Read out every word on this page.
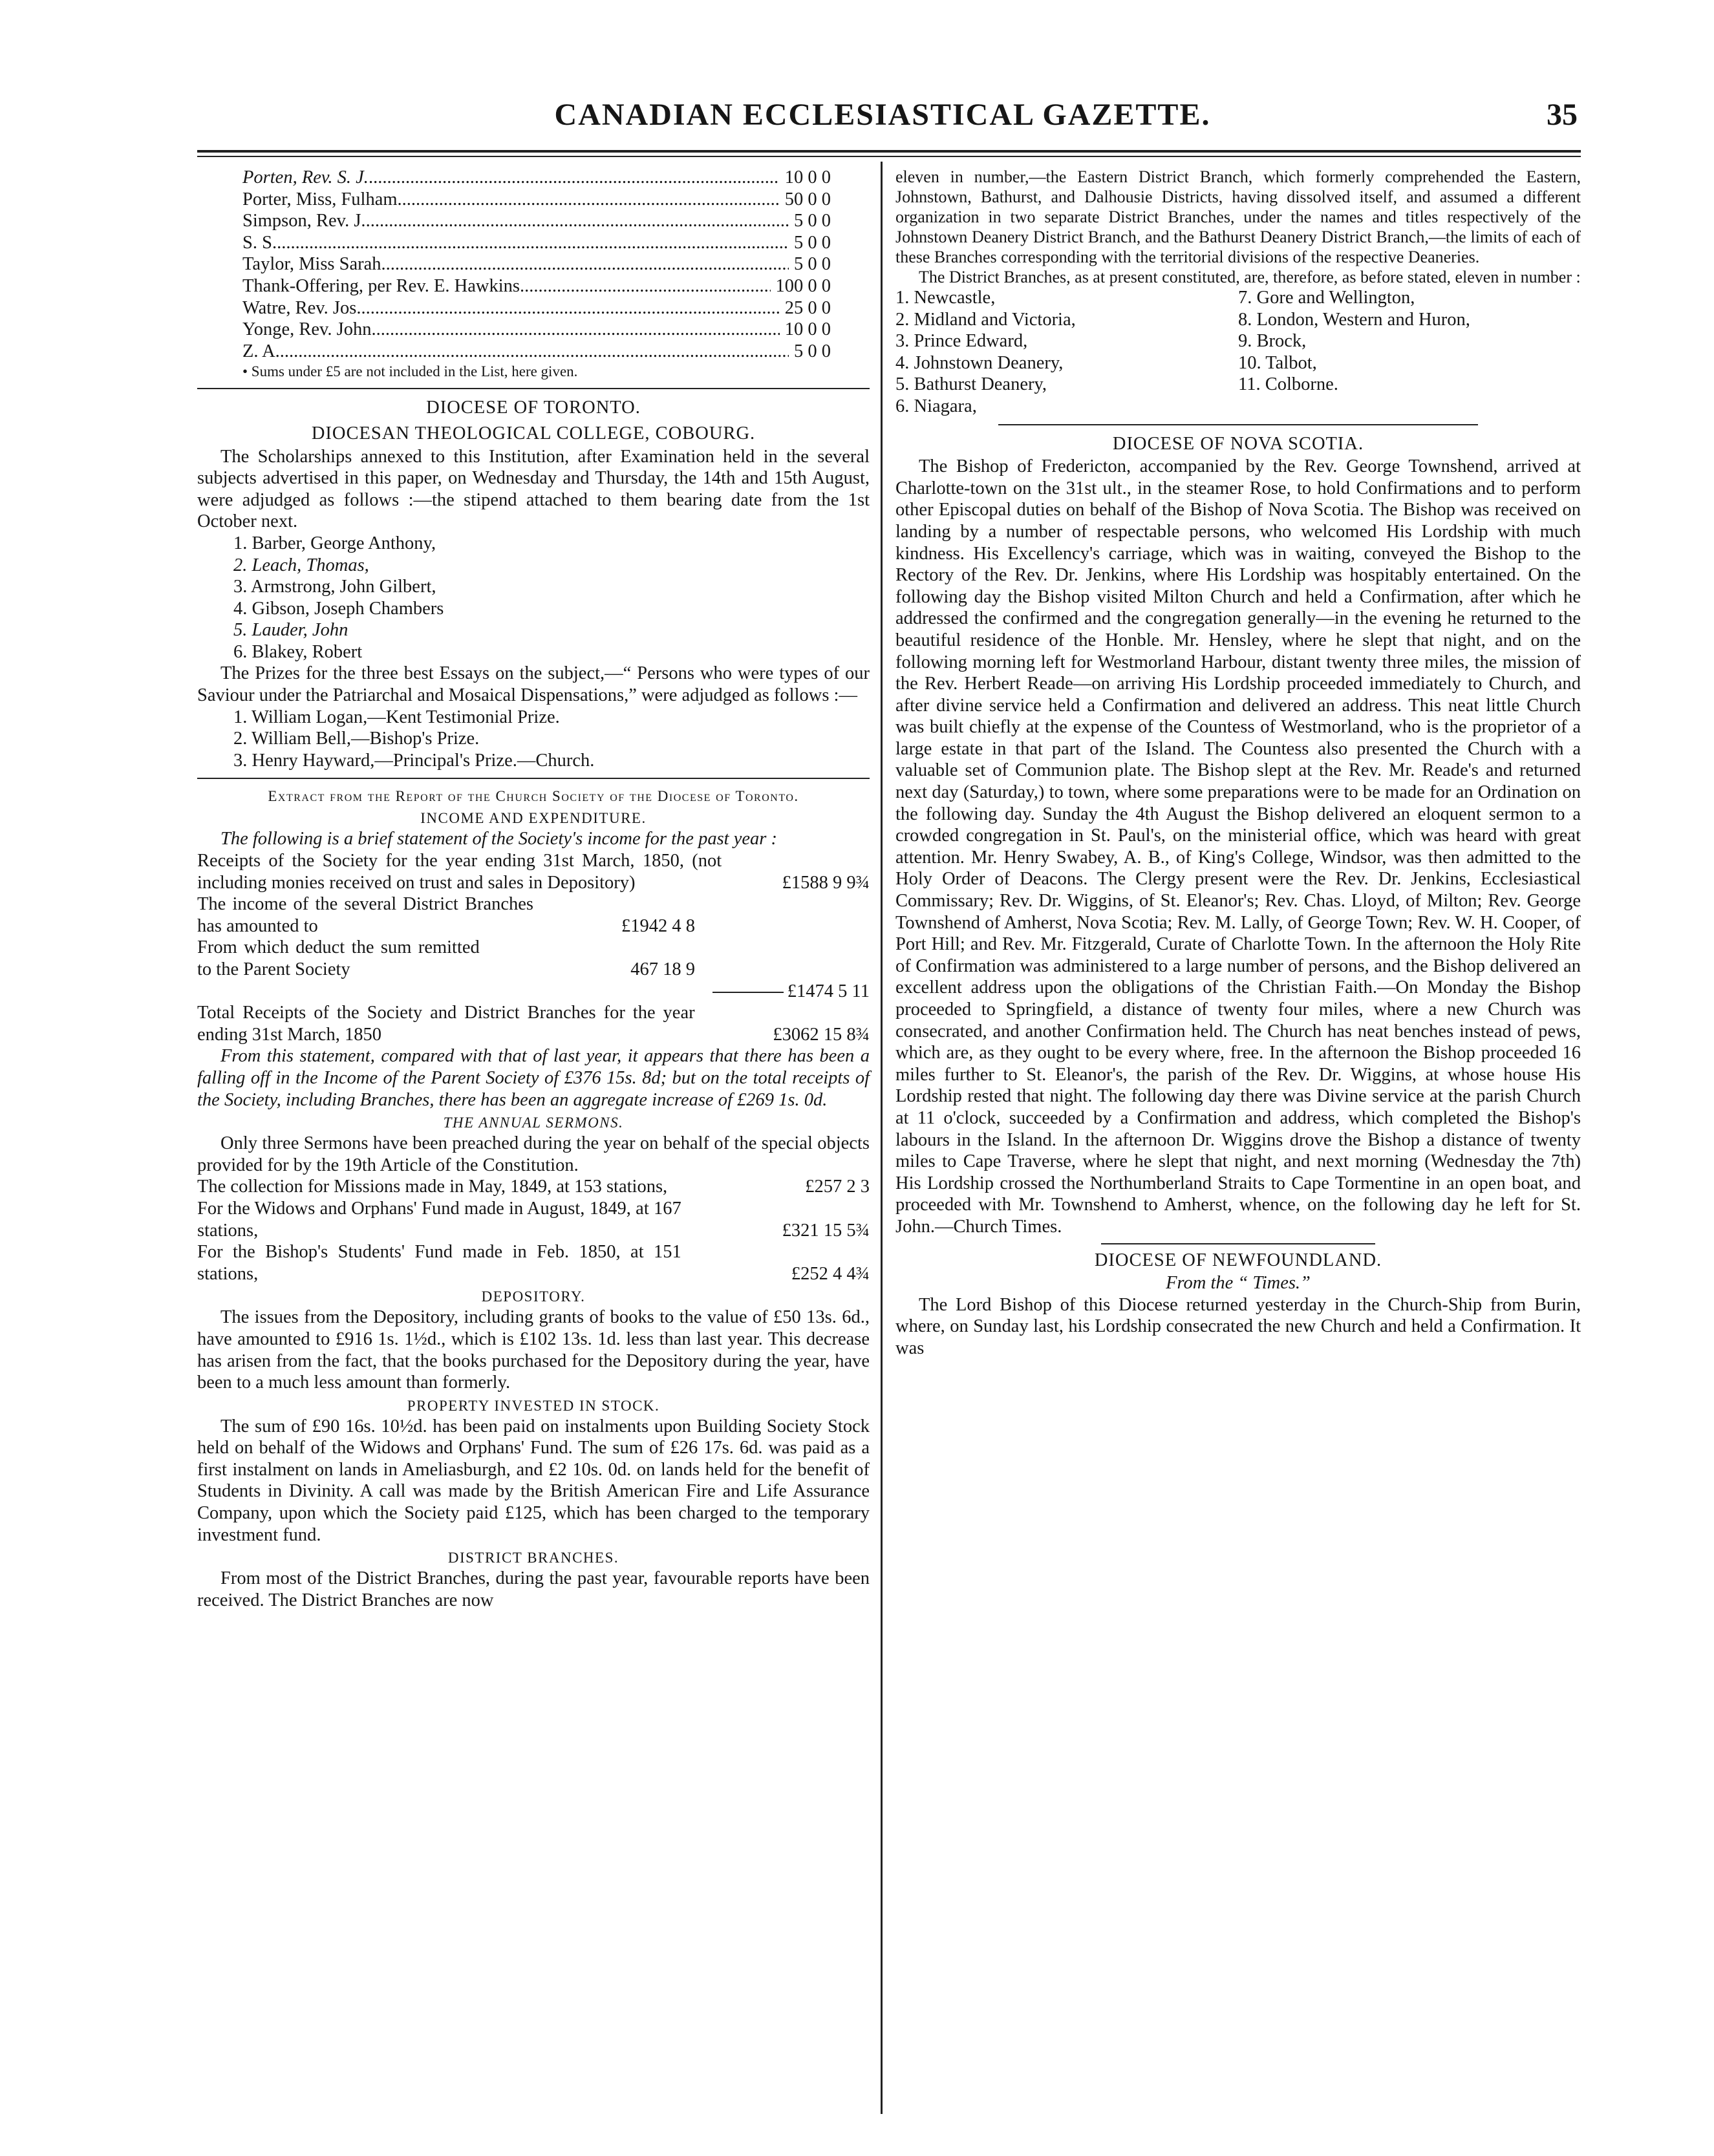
CANADIAN ECCLESIASTICAL GAZETTE.	35
Porten, Rev. S. J. .....	10 0 0
Porter, Miss, Fulham .....	50 0 0
Simpson, Rev. J. .....	5 0 0
S. S. .....	5 0 0
Taylor, Miss Sarah .....	5 0 0
Thank-Offering, per Rev. E. Hawkins .....	100 0 0
Watre, Rev. Jos .....	25 0 0
Yonge, Rev. John .....	10 0 0
Z. A. .....	5 0 0

• Sums under £5 are not included in the List, here given.

DIOCESE OF TORONTO.

DIOCESAN THEOLOGICAL COLLEGE, COBOURG.

The Scholarships annexed to this Institution, after Examination held in the several subjects advertised in this paper, on Wednesday and Thursday, the 14th and 15th August, were adjudged as follows :—the stipend attached to them bearing date from the 1st October next.

1. Barber, George Anthony,

2. Leach, Thomas,

3. Armstrong, John Gilbert,

4. Gibson, Joseph Chambers

5. Lauder, John

6. Blakey, Robert

The Prizes for the three best Essays on the subject,—“ Persons who were types of our Saviour under the Patriarchal and Mosaical Dispensations,” were adjudged as follows :—

1. William Logan,—Kent Testimonial Prize.

2. William Bell,—Bishop's Prize.

3. Henry Hayward,—Principal's Prize.—Church.

Extract from the Report of the Church Society of the Diocese of Toronto.

INCOME AND EXPENDITURE.

The following is a brief statement of the Society's income for the past year :

Receipts of the Society for the year ending 31st March, 1850, (not including monies received on trust and sales in Depository)	£1588 9 9¾
The income of the several District Branches has amounted to	£1942 4 8
From which deduct the sum remitted to the Parent Society	467 18 9
£1474 5 11
Total Receipts of the Society and District Branches for the year ending 31st March, 1850	£3062 15 8¾

From this statement, compared with that of last year, it appears that there has been a falling off in the Income of the Parent Society of £376 15s. 8d; but on the total receipts of the Society, including Branches, there has been an aggregate increase of £269 1s. 0d.

THE ANNUAL SERMONS.

Only three Sermons have been preached during the year on behalf of the special objects provided for by the 19th Article of the Constitution.

The collection for Missions made in May, 1849, at 153 stations,	£257 2 3
For the Widows and Orphans' Fund made in August, 1849, at 167 stations,	£321 15 5¾
For the Bishop's Students' Fund made in Feb. 1850, at 151 stations,	£252 4 4¾

DEPOSITORY.

The issues from the Depository, including grants of books to the value of £50 13s. 6d., have amounted to £916 1s. 1½d., which is £102 13s. 1d. less than last year. This decrease has arisen from the fact, that the books purchased for the Depository during the year, have been to a much less amount than formerly.

PROPERTY INVESTED IN STOCK.

The sum of £90 16s. 10½d. has been paid on instalments upon Building Society Stock held on behalf of the Widows and Orphans' Fund. The sum of £26 17s. 6d. was paid as a first instalment on lands in Ameliasburgh, and £2 10s. 0d. on lands held for the benefit of Students in Divinity. A call was made by the British American Fire and Life Assurance Company, upon which the Society paid £125, which has been charged to the temporary investment fund.

DISTRICT BRANCHES.

From most of the District Branches, during the past year, favourable reports have been received. The District Branches are now

eleven in number,—the Eastern District Branch, which formerly comprehended the Eastern, Johnstown, Bathurst, and Dalhousie Districts, having dissolved itself, and assumed a different organization in two separate District Branches, under the names and titles respectively of the Johnstown Deanery District Branch, and the Bathurst Deanery District Branch,—the limits of each of these Branches corresponding with the territorial divisions of the respective Deaneries.

The District Branches, as at present constituted, are, therefore, as before stated, eleven in number :

1. Newcastle,

2. Midland and Victoria,

3. Prince Edward,

4. Johnstown Deanery,

5. Bathurst Deanery,

6. Niagara,

7. Gore and Wellington,

8. London, Western and Huron,

9. Brock,

10. Talbot,

11. Colborne.

DIOCESE OF NOVA SCOTIA.

The Bishop of Fredericton, accompanied by the Rev. George Townshend, arrived at Charlotte-town on the 31st ult., in the steamer Rose, to hold Confirmations and to perform other Episcopal duties on behalf of the Bishop of Nova Scotia. The Bishop was received on landing by a number of respectable persons, who welcomed His Lordship with much kindness. His Excellency's carriage, which was in waiting, conveyed the Bishop to the Rectory of the Rev. Dr. Jenkins, where His Lordship was hospitably entertained. On the following day the Bishop visited Milton Church and held a Confirmation, after which he addressed the confirmed and the congregation generally—in the evening he returned to the beautiful residence of the Honble. Mr. Hensley, where he slept that night, and on the following morning left for Westmorland Harbour, distant twenty three miles, the mission of the Rev. Herbert Reade—on arriving His Lordship proceeded immediately to Church, and after divine service held a Confirmation and delivered an address. This neat little Church was built chiefly at the expense of the Countess of Westmorland, who is the proprietor of a large estate in that part of the Island. The Countess also presented the Church with a valuable set of Communion plate. The Bishop slept at the Rev. Mr. Reade's and returned next day (Saturday,) to town, where some preparations were to be made for an Ordination on the following day. Sunday the 4th August the Bishop delivered an eloquent sermon to a crowded congregation in St. Paul's, on the ministerial office, which was heard with great attention. Mr. Henry Swabey, A. B., of King's College, Windsor, was then admitted to the Holy Order of Deacons. The Clergy present were the Rev. Dr. Jenkins, Ecclesiastical Commissary; Rev. Dr. Wiggins, of St. Eleanor's; Rev. Chas. Lloyd, of Milton; Rev. George Townshend of Amherst, Nova Scotia; Rev. M. Lally, of George Town; Rev. W. H. Cooper, of Port Hill; and Rev. Mr. Fitzgerald, Curate of Charlotte Town. In the afternoon the Holy Rite of Confirmation was administered to a large number of persons, and the Bishop delivered an excellent address upon the obligations of the Christian Faith.—On Monday the Bishop proceeded to Springfield, a distance of twenty four miles, where a new Church was consecrated, and another Confirmation held. The Church has neat benches instead of pews, which are, as they ought to be every where, free. In the afternoon the Bishop proceeded 16 miles further to St. Eleanor's, the parish of the Rev. Dr. Wiggins, at whose house His Lordship rested that night. The following day there was Divine service at the parish Church at 11 o'clock, succeeded by a Confirmation and address, which completed the Bishop's labours in the Island. In the afternoon Dr. Wiggins drove the Bishop a distance of twenty miles to Cape Traverse, where he slept that night, and next morning (Wednesday the 7th) His Lordship crossed the Northumberland Straits to Cape Tormentine in an open boat, and proceeded with Mr. Townshend to Amherst, whence, on the following day he left for St. John.—Church Times.

DIOCESE OF NEWFOUNDLAND.

From the “ Times.”

The Lord Bishop of this Diocese returned yesterday in the Church-Ship from Burin, where, on Sunday last, his Lordship consecrated the new Church and held a Confirmation. It was
